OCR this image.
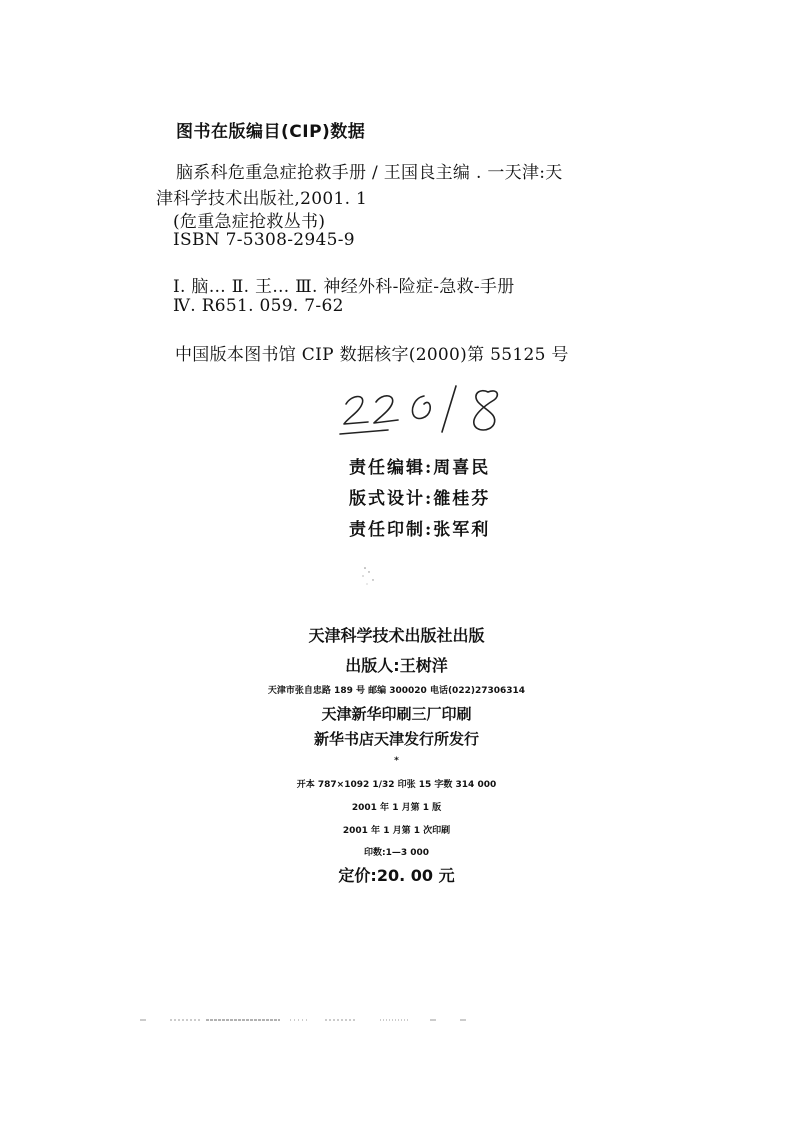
图书在版编目(CIP)数据
脑系科危重急症抢救手册 / 王国良主编 . 一天津:天
津科学技术出版社,2001. 1
(危重急症抢救丛书)
ISBN 7-5308-2945-9
Ⅰ. 脑… Ⅱ. 王… Ⅲ. 神经外科-险症-急救-手册
Ⅳ. R651. 059. 7-62
中国版本图书馆 CIP 数据核字(2000)第 55125 号
责任编辑:周喜民
版式设计:雒桂芬
责任印制:张军利
天津科学技术出版社出版
出版人:王树洋
天津市张自忠路 189 号 邮编 300020 电话(022)27306314
天津新华印刷三厂印刷
新华书店天津发行所发行
*
开本 787×1092 1/32 印张 15 字数 314 000
2001 年 1 月第 1 版
2001 年 1 月第 1 次印刷
印数:1—3 000
定价:20. 00 元
